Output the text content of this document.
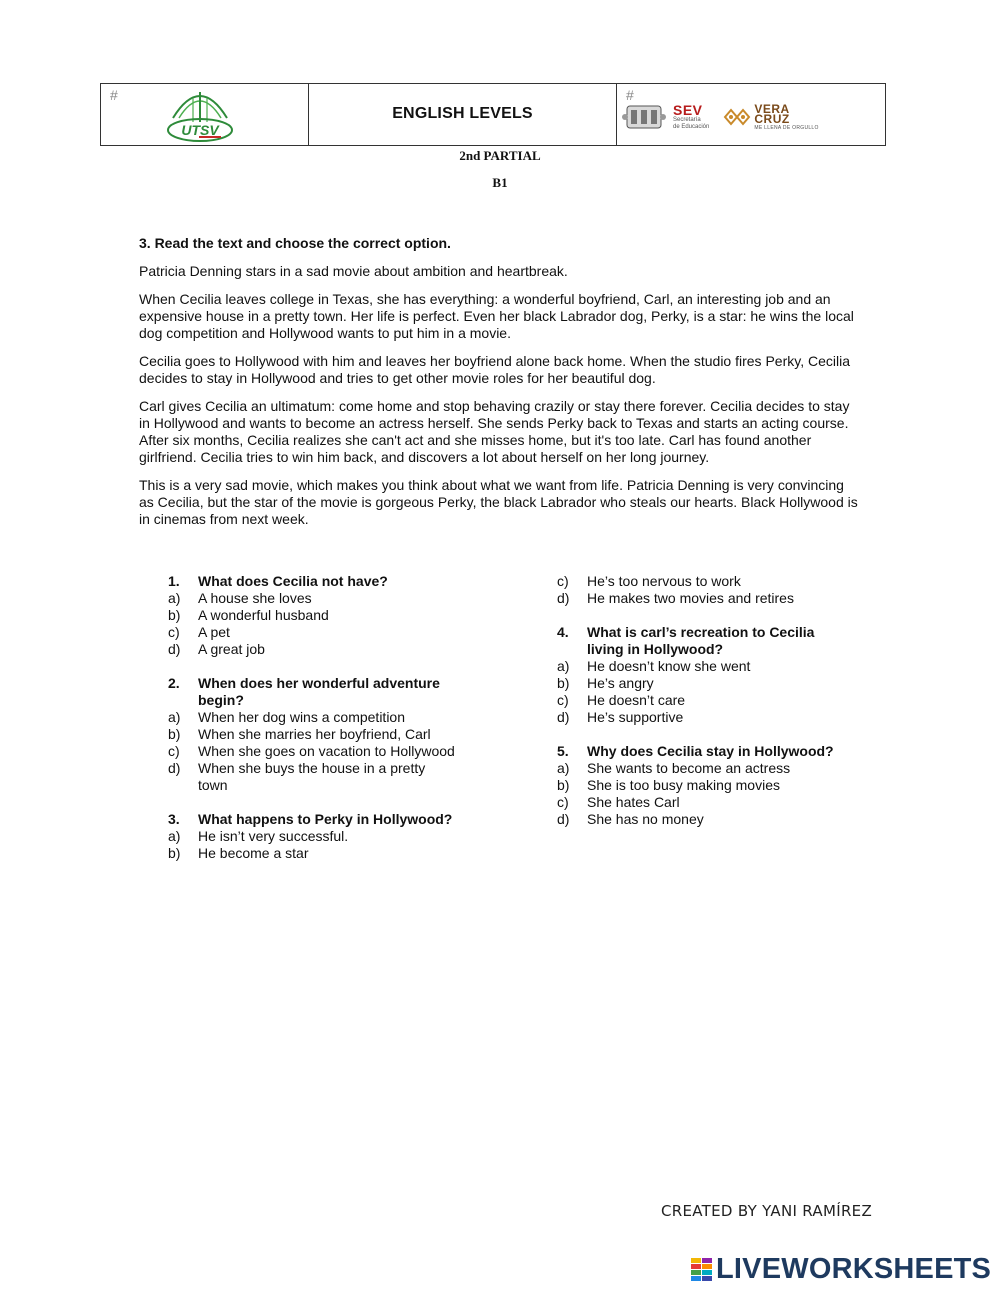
#
UTSV
ENGLISH LEVELS
#
SEV
Secretaría
de Educación
VERA
CRUZ
ME LLENA DE ORGULLO
2nd PARTIAL
B1

3. Read the text and choose the correct option.

Patricia Denning stars in a sad movie about ambition and heartbreak.

When Cecilia leaves college in Texas, she has everything: a wonderful boyfriend, Carl, an interesting job and an expensive house in a pretty town. Her life is perfect. Even her black Labrador dog, Perky, is a star: he wins the local dog competition and Hollywood wants to put him in a movie.

Cecilia goes to Hollywood with him and leaves her boyfriend alone back home. When the studio fires Perky, Cecilia decides to stay in Hollywood and tries to get other movie roles for her beautiful dog.

Carl gives Cecilia an ultimatum: come home and stop behaving crazily or stay there forever. Cecilia decides to stay in Hollywood and wants to become an actress herself. She sends Perky back to Texas and starts an acting course. After six months, Cecilia realizes she can't act and she misses home, but it's too late. Carl has found another girlfriend. Cecilia tries to win him back, and discovers a lot about herself on her long journey.

This is a very sad movie, which makes you think about what we want from life. Patricia Denning is very convincing as Cecilia, but the star of the movie is gorgeous Perky, the black Labrador who steals our hearts. Black Hollywood is in cinemas from next week.

1.	What does Cecilia not have?
a)	A house she loves
b)	A wonderful husband
c)	A pet
d)	A great job
2.	When does her wonderful adventure begin?
a)	When her dog wins a competition
b)	When she marries her boyfriend, Carl
c)	When she goes on vacation to Hollywood
d)	When she buys the house in a pretty town
3.	What happens to Perky in Hollywood?
a)	He isn’t very successful.
b)	He become a star
c)	He’s too nervous to work
d)	He makes two movies and retires
4.	What is carl’s recreation to Cecilia living in Hollywood?
a)	He doesn’t know she went
b)	He’s angry
c)	He doesn’t care
d)	He’s supportive
5.	Why does Cecilia stay in Hollywood?
a)	She wants to become an actress
b)	She is too busy making movies
c)	She hates Carl
d)	She has no money
CREATED BY YANI RAMÍREZ
LIVEWORKSHEETS
